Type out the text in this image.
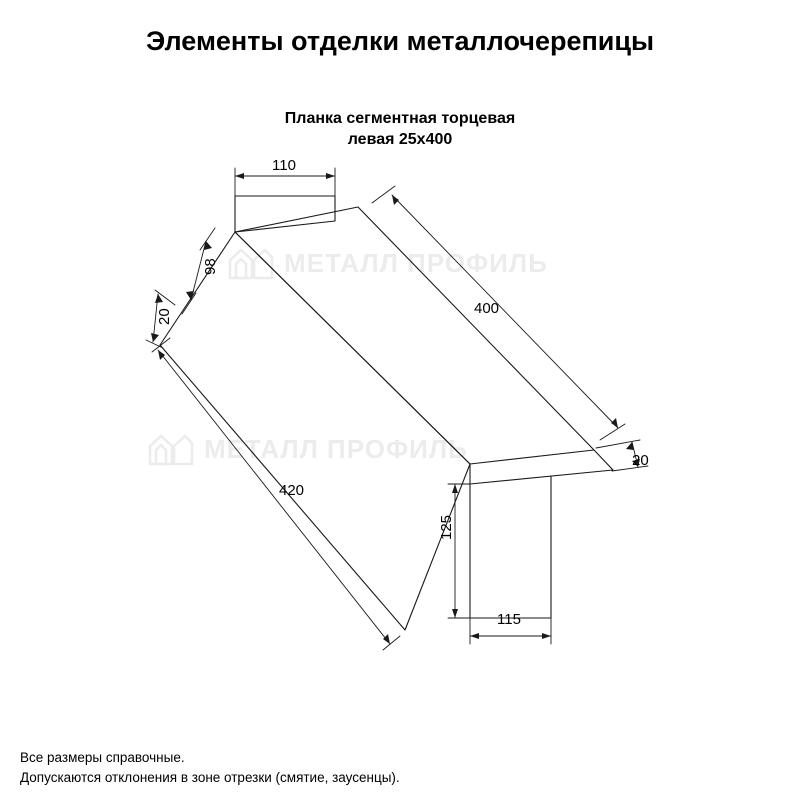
Элементы отделки металлочерепицы
Планка сегментная торцевая
левая 25х400
МЕТАЛЛ ПРОФИЛЬ
МЕТАЛЛ ПРОФИЛЬ
110
98
20	400
420
20
125
115
Все размеры справочные.
Допускаются отклонения в зоне отрезки (смятие, заусенцы).
